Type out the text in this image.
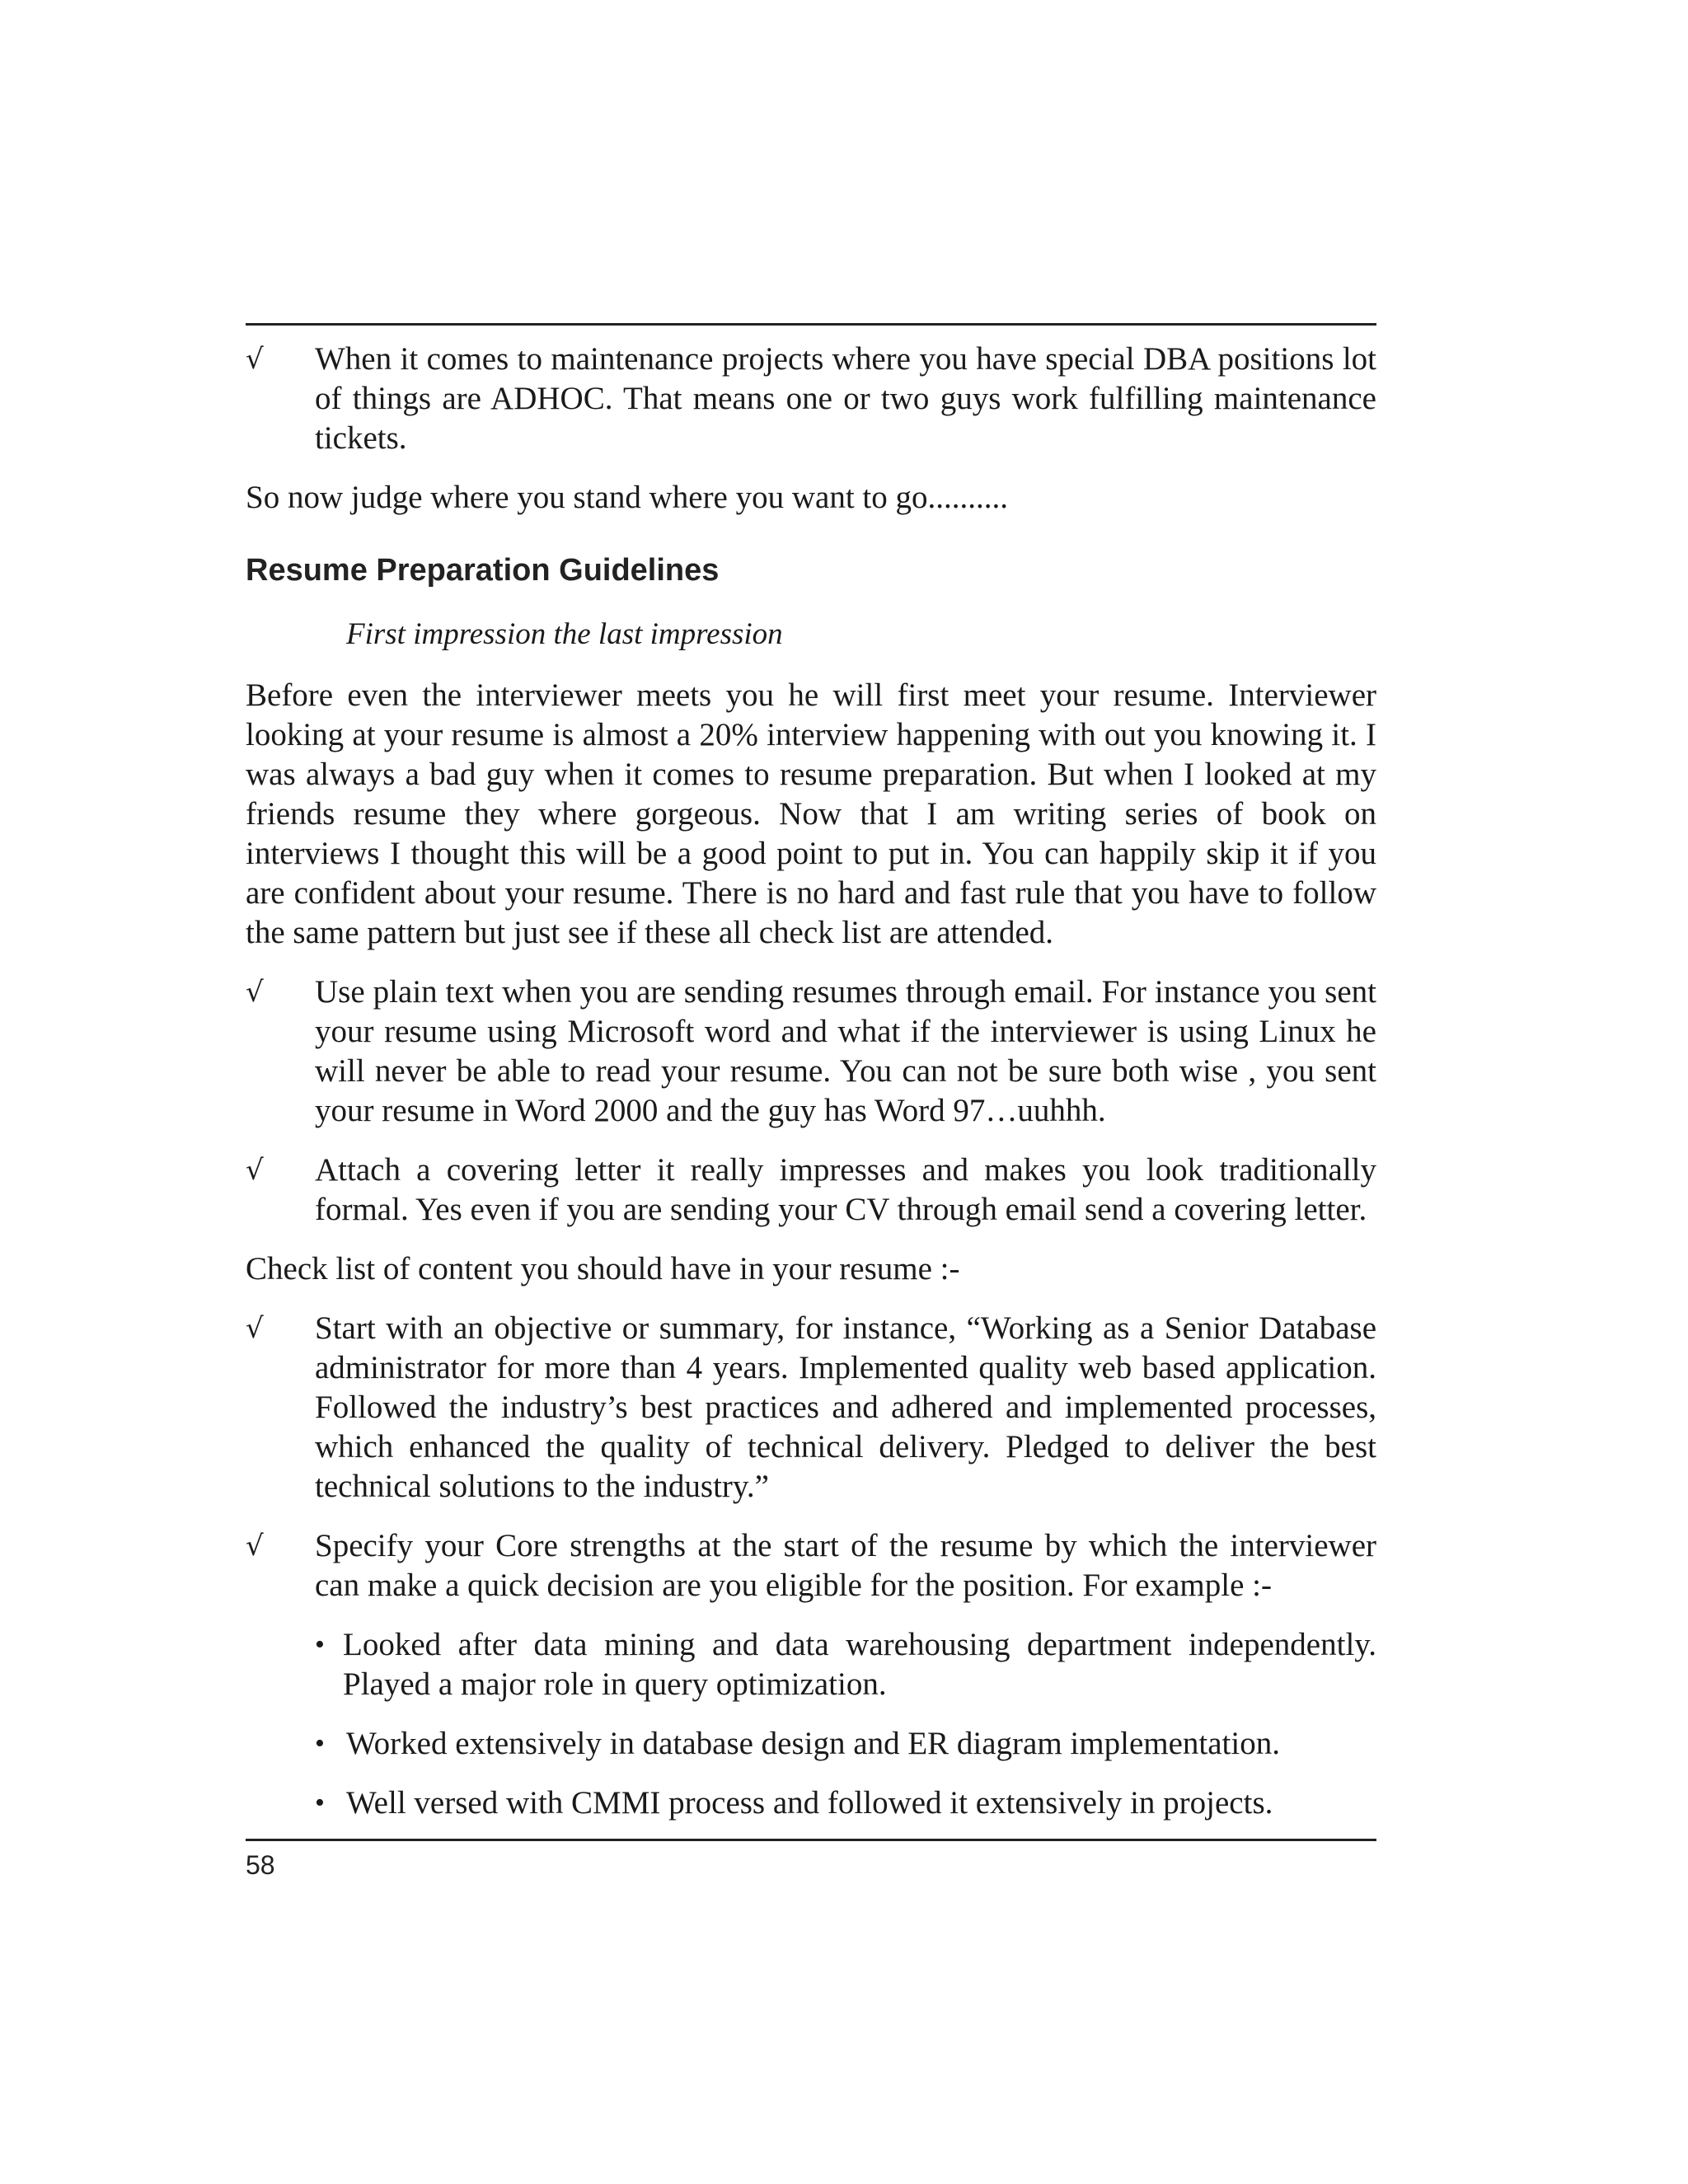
√ When it comes to maintenance projects where you have special DBA positions lot of things are ADHOC. That means one or two guys work fulfilling maintenance tickets.

So now judge where you stand where you want to go..........

Resume Preparation Guidelines

First impression the last impression

Before even the interviewer meets you he will first meet your resume. Interviewer looking at your resume is almost a 20% interview happening with out you knowing it. I was always a bad guy when it comes to resume preparation. But when I looked at my friends resume they where gorgeous. Now that I am writing series of book on interviews I thought this will be a good point to put in. You can happily skip it if you are confident about your resume. There is no hard and fast rule that you have to follow the same pattern but just see if these all check list are attended.

√ Use plain text when you are sending resumes through email. For instance you sent your resume using Microsoft word and what if the interviewer is using Linux he will never be able to read your resume. You can not be sure both wise , you sent your resume in Word 2000 and the guy has Word 97…uuhhh.
√ Attach a covering letter it really impresses and makes you look traditionally formal. Yes even if you are sending your CV through email send a covering letter.

Check list of content you should have in your resume :-

√ Start with an objective or summary, for instance, “Working as a Senior Database administrator for more than 4 years. Implemented quality web based application. Followed the industry’s best practices and adhered and implemented processes, which enhanced the quality of technical delivery. Pledged to deliver the best technical solutions to the industry.”
√ Specify your Core strengths at the start of the resume by which the interviewer can make a quick decision are you eligible for the position. For example :-
• Looked after data mining and data warehousing department independently. Played a major role in query optimization.
• Worked extensively in database design and ER diagram implementation.
• Well versed with CMMI process and followed it extensively in projects.
58
